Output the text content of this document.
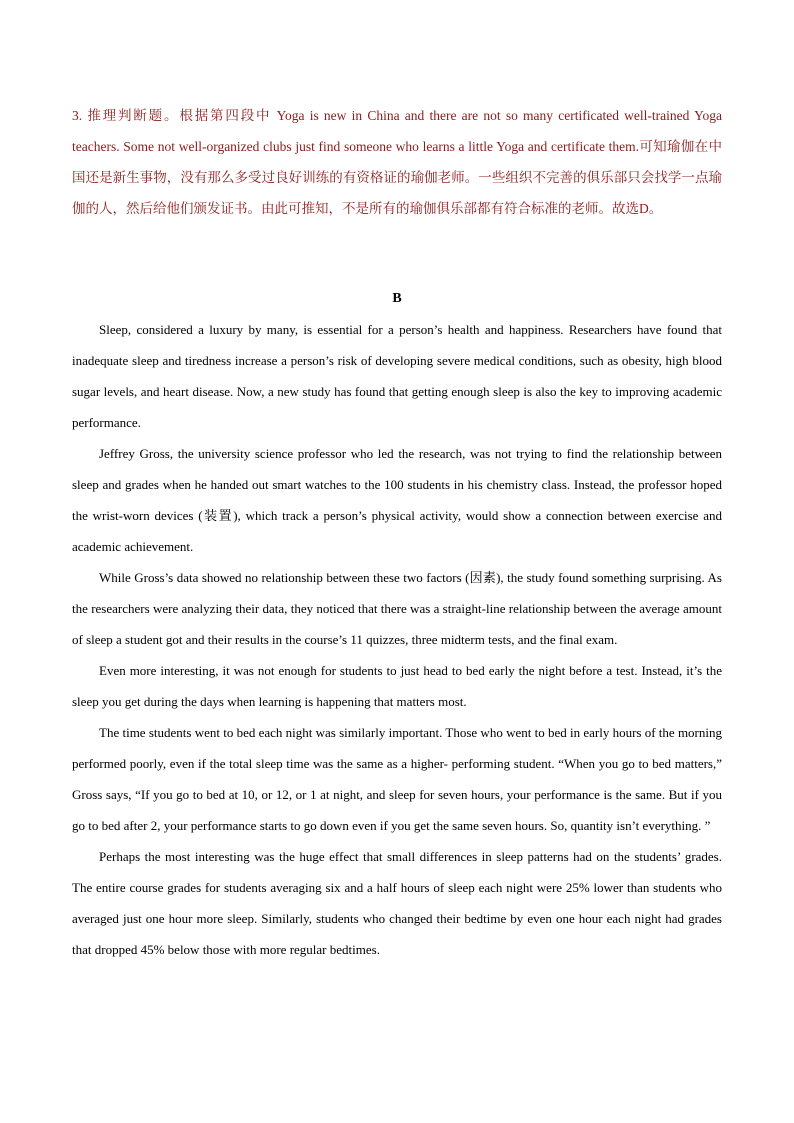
3. 推理判断题。根据第四段中 Yoga is new in China and there are not so many certificated well-trained Yoga teachers. Some not well-organized clubs just find someone who learns a little Yoga and certificate them.可知瑜伽在中国还是新生事物，没有那么多受过良好训练的有资格证的瑜伽老师。一些组织不完善的俱乐部只会找学一点瑜伽的人，然后给他们颁发证书。由此可推知，不是所有的瑜伽俱乐部都有符合标准的老师。故选D。
B

Sleep, considered a luxury by many, is essential for a person’s health and happiness. Researchers have found that inadequate sleep and tiredness increase a person’s risk of developing severe medical conditions, such as obesity, high blood sugar levels, and heart disease. Now, a new study has found that getting enough sleep is also the key to improving academic performance.

Jeffrey Gross, the university science professor who led the research, was not trying to find the relationship between sleep and grades when he handed out smart watches to the 100 students in his chemistry class. Instead, the professor hoped the wrist-worn devices (装置), which track a person’s physical activity, would show a connection between exercise and academic achievement.

While Gross’s data showed no relationship between these two factors (因素), the study found something surprising. As the researchers were analyzing their data, they noticed that there was a straight-line relationship between the average amount of sleep a student got and their results in the course’s 11 quizzes, three midterm tests, and the final exam.

Even more interesting, it was not enough for students to just head to bed early the night before a test. Instead, it’s the sleep you get during the days when learning is happening that matters most.

The time students went to bed each night was similarly important. Those who went to bed in early hours of the morning performed poorly, even if the total sleep time was the same as a higher- performing student. “When you go to bed matters,” Gross says, “If you go to bed at 10, or 12, or 1 at night, and sleep for seven hours, your performance is the same. But if you go to bed after 2, your performance starts to go down even if you get the same seven hours. So, quantity isn’t everything. ”

Perhaps the most interesting was the huge effect that small differences in sleep patterns had on the students’ grades. The entire course grades for students averaging six and a half hours of sleep each night were 25% lower than students who averaged just one hour more sleep. Similarly, students who changed their bedtime by even one hour each night had grades that dropped 45% below those with more regular bedtimes.
